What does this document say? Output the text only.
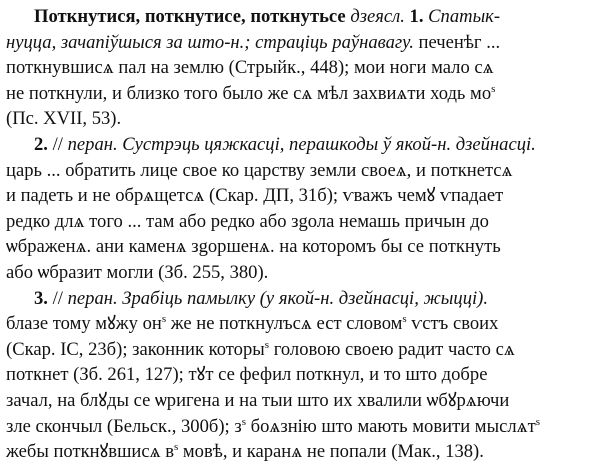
Поткнутися, поткнутисе, поткнутьсе дзеясл. 1. Спатык-
нуцца, зачапіўшыся за што-н.; страціць раўнавагу. печенѣг ...
поткнувшисѧ пал на землю (Стрыйк., 448); мои ноги мало сѧ
не поткнули, и близко того было же сѧ мѣл захвиѧти ходь $мо^s$
(Пс. XVII, 53).
2. // перан. Сустрэць цяжкасці, перашкоды ў якой-н. дзейнасці.
царь ... обратить лице свое ко царству земли своеѧ, и поткнетсѧ
и падеть и не обрѧщетсѧ (Скар. ДП, 31б); ѵважъ чемꙋ ѵпадает
редко длѧ того ... там або редко або зgола немашь причын до
ѡбраженѧ. ани каменѧ зgоршенѧ. на которомъ бы се поткнуть
або ѡбразит могли (Зб. 255, 380).
3. // перан. Зрабіць памылку (у якой-н. дзейнасці, жыцці).
блазе тому мꙋжу $он^s$ же не поткнулъсѧ ест словом$^s$ ѵстъ своих
(Скар. ІС, 23б); законник которы$^s$ головою своею радит часто сѧ
поткнет (Зб. 261, 127); тꙋт се фефил поткнул, и то што добре
зачал, на блꙋды се ѡригена и на тыи што их хвалили ѡбꙋрѧючи
зле скончыл (Бельск., 300б); $з^s$ боѧзнію што мають мовити мыслѧт$^s$
жебы поткнꙋвшисѧ $в^s$ мовѣ, и каранѧ не попали (Мак., 138).
